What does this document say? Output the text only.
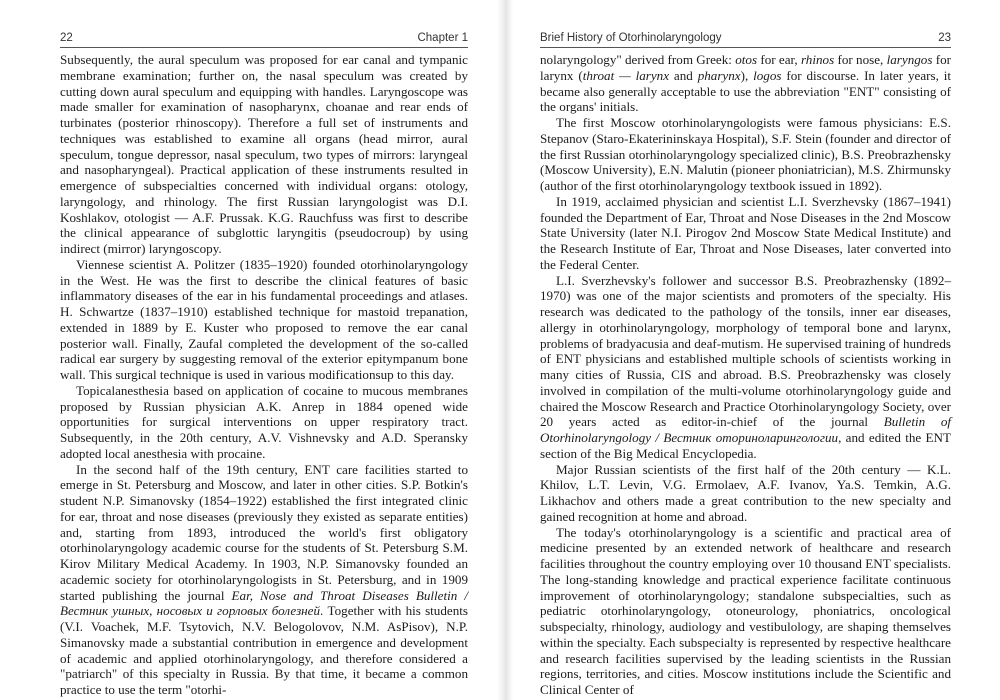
22	Chapter 1

Subsequently, the aural speculum was proposed for ear canal and tympanic membrane examination; further on, the nasal speculum was created by cutting down aural speculum and equipping with handles. Laryngoscope was made smaller for examination of nasopharynx, choanae and rear ends of turbinates (posterior rhinoscopy). Therefore a full set of instruments and techniques was established to examine all organs (head mirror, aural speculum, tongue depressor, nasal speculum, two types of mirrors: laryngeal and nasopharyngeal). Practical application of these instruments resulted in emergence of subspecialties concerned with individual organs: otology, laryngology, and rhinology. The first Russian laryngologist was D.I. Koshlakov, otologist — A.F. Prussak. K.G. Rauchfuss was first to describe the clinical appearance of subglottic laryngitis (pseudocroup) by using indirect (mirror) laryngoscopy.

Viennese scientist A. Politzer (1835–1920) founded otorhinolaryngology in the West. He was the first to describe the clinical features of basic inflammatory diseases of the ear in his fundamental proceedings and atlases. H. Schwartze (1837–1910) established technique for mastoid trepanation, extended in 1889 by E. Kuster who proposed to remove the ear canal posterior wall. Finally, Zaufal completed the development of the so-called radical ear surgery by suggesting removal of the exterior epitympanum bone wall. This surgical technique is used in various modificationsup to this day.

Topicalanesthesia based on application of cocaine to mucous membranes proposed by Russian physician A.K. Anrep in 1884 opened wide opportunities for surgical interventions on upper respiratory tract. Subsequently, in the 20th century, A.V. Vishnevsky and A.D. Speransky adopted local anesthesia with procaine.

In the second half of the 19th century, ENT care facilities started to emerge in St. Petersburg and Moscow, and later in other cities. S.P. Botkin's student N.P. Simanovsky (1854–1922) established the first integrated clinic for ear, throat and nose diseases (previously they existed as separate entities) and, starting from 1893, introduced the world's first obligatory otorhinolaryngology academic course for the students of St. Petersburg S.M. Kirov Military Medical Academy. In 1903, N.P. Simanovsky founded an academic society for otorhinolaryngologists in St. Petersburg, and in 1909 started publishing the journal Ear, Nose and Throat Diseases Bulletin / Вестник ушных, носовых и горловых болезней. Together with his students (V.I. Voachek, M.F. Tsytovich, N.V. Belogolovov, N.M. AsPisov), N.P. Simanovsky made a substantial contribution in emergence and development of academic and applied otorhinolaryngology, and therefore considered a "patriarch" of this specialty in Russia. By that time, it became a common practice to use the term "otorhi-

Brief History of Otorhinolaryngology	23

nolaryngology" derived from Greek: otos for ear, rhinos for nose, laryngos for larynx (throat — larynx and pharynx), logos for discourse. In later years, it became also generally acceptable to use the abbreviation "ENT" consisting of the organs' initials.

The first Moscow otorhinolaryngologists were famous physicians: E.S. Stepanov (Staro-Ekaterininskaya Hospital), S.F. Stein (founder and director of the first Russian otorhinolaryngology specialized clinic), B.S. Preobrazhensky (Moscow University), E.N. Malutin (pioneer phoniatrician), M.S. Zhirmunsky (author of the first otorhinolaryngology textbook issued in 1892).

In 1919, acclaimed physician and scientist L.I. Sverzhevsky (1867–1941) founded the Department of Ear, Throat and Nose Diseases in the 2nd Moscow State University (later N.I. Pirogov 2nd Moscow State Medical Institute) and the Research Institute of Ear, Throat and Nose Diseases, later converted into the Federal Center.

L.I. Sverzhevsky's follower and successor B.S. Preobrazhensky (1892–1970) was one of the major scientists and promoters of the specialty. His research was dedicated to the pathology of the tonsils, inner ear diseases, allergy in otorhinolaryngology, morphology of temporal bone and larynx, problems of bradyacusia and deaf-mutism. He supervised training of hundreds of ENT physicians and established multiple schools of scientists working in many cities of Russia, CIS and abroad. B.S. Preobrazhensky was closely involved in compilation of the multi-volume otorhinolaryngology guide and chaired the Moscow Research and Practice Otorhinolaryngology Society, over 20 years acted as editor-in-chief of the journal Bulletin of Otorhinolaryngology / Вестник оториноларингологии, and edited the ENT section of the Big Medical Encyclopedia.

Major Russian scientists of the first half of the 20th century — K.L. Khilov, L.T. Levin, V.G. Ermolaev, A.F. Ivanov, Ya.S. Temkin, A.G. Likhachov and others made a great contribution to the new specialty and gained recognition at home and abroad.

The today's otorhinolaryngology is a scientific and practical area of medicine presented by an extended network of healthcare and research facilities throughout the country employing over 10 thousand ENT specialists. The long-standing knowledge and practical experience facilitate continuous improvement of otorhinolaryngology; standalone subspecialties, such as pediatric otorhinolaryngology, otoneurology, phoniatrics, oncological subspecialty, rhinology, audiology and vestibulology, are shaping themselves within the specialty. Each subspecialty is represented by respective healthcare and research facilities supervised by the leading scientists in the Russian regions, territories, and cities. Moscow institutions include the Scientific and Clinical Center of
